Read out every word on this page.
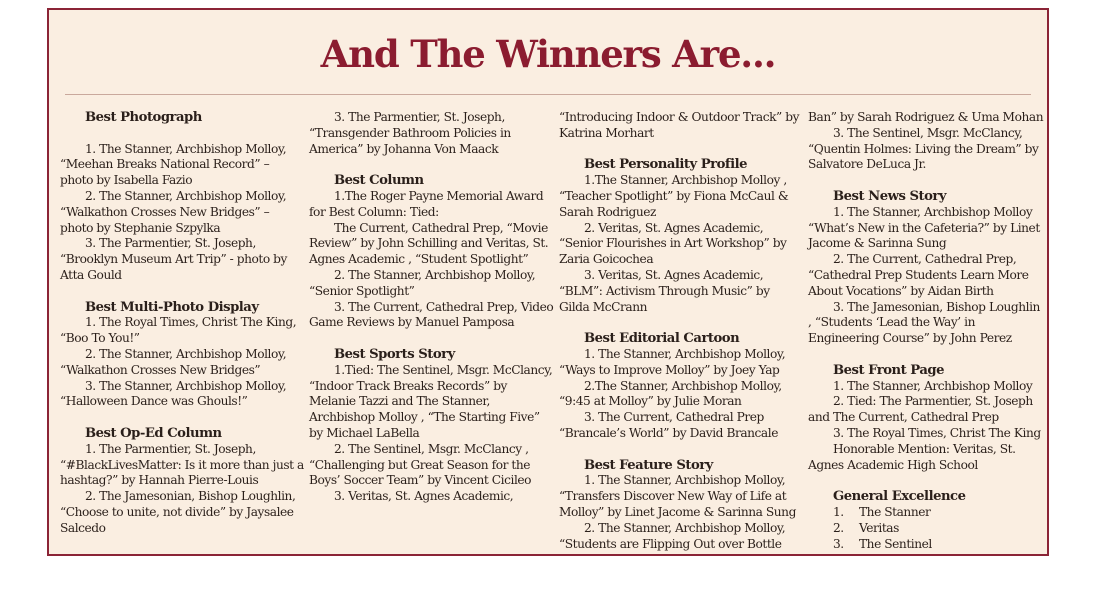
And The Winners Are...

Best Photograph

1. The Stanner, Archbishop Molloy, “Meehan Breaks National Record” – photo by Isabella Fazio

2. The Stanner, Archbishop Molloy, “Walkathon Crosses New Bridges” – photo by Stephanie Szpylka

3. The Parmentier, St. Joseph, “Brooklyn Museum Art Trip” - photo by Atta Gould

Best Multi-Photo Display

1. The Royal Times, Christ The King, “Boo To You!”

2. The Stanner, Archbishop Molloy, “Walkathon Crosses New Bridges”

3. The Stanner, Archbishop Molloy, “Halloween Dance was Ghouls!”

Best Op-Ed Column

1. The Parmentier, St. Joseph, “#BlackLivesMatter: Is it more than just a hashtag?” by Hannah Pierre-Louis

2. The Jamesonian, Bishop Loughlin, “Choose to unite, not divide” by Jaysalee Salcedo

3. The Parmentier, St. Joseph, “Transgender Bathroom Policies in America” by Johanna Von Maack

Best Column

1.The Roger Payne Memorial Award for Best Column: Tied:

The Current, Cathedral Prep, “Movie Review” by John Schilling and Veritas, St. Agnes Academic , “Student Spotlight”

2. The Stanner, Archbishop Molloy, “Senior Spotlight”

3. The Current, Cathedral Prep, Video Game Reviews by Manuel Pamposa

Best Sports Story

1.Tied: The Sentinel, Msgr. McClancy, “Indoor Track Breaks Records” by Melanie Tazzi and The Stanner, Archbishop Molloy , “The Starting Five” by Michael LaBella

2. The Sentinel, Msgr. McClancy , “Challenging but Great Season for the Boys’ Soccer Team” by Vincent Cicileo

3. Veritas, St. Agnes Academic,

“Introducing Indoor & Outdoor Track” by Katrina Morhart

Best Personality Profile

1.The Stanner, Archbishop Molloy , “Teacher Spotlight” by Fiona McCaul & Sarah Rodriguez

2. Veritas, St. Agnes Academic, “Senior Flourishes in Art Workshop” by Zaria Goicochea

3. Veritas, St. Agnes Academic, “BLM”: Activism Through Music” by Gilda McCrann

Best Editorial Cartoon

1. The Stanner, Archbishop Molloy, “Ways to Improve Molloy” by Joey Yap

2.The Stanner, Archbishop Molloy, “9:45 at Molloy” by Julie Moran

3. The Current, Cathedral Prep “Brancale’s World” by David Brancale

Best Feature Story

1. The Stanner, Archbishop Molloy, “Transfers Discover New Way of Life at Molloy” by Linet Jacome & Sarinna Sung

2. The Stanner, Archbishop Molloy, “Students are Flipping Out over Bottle

Ban” by Sarah Rodriguez & Uma Mohan

3. The Sentinel, Msgr. McClancy, “Quentin Holmes: Living the Dream” by Salvatore DeLuca Jr.

Best News Story

1. The Stanner, Archbishop Molloy “What’s New in the Cafeteria?” by Linet Jacome & Sarinna Sung

2. The Current, Cathedral Prep, “Cathedral Prep Students Learn More About Vocations” by Aidan Birth

3. The Jamesonian, Bishop Loughlin , “Students ‘Lead the Way’ in Engineering Course” by John Perez

Best Front Page

1. The Stanner, Archbishop Molloy

2. Tied: The Parmentier, St. Joseph and The Current, Cathedral Prep

3. The Royal Times, Christ The King

Honorable Mention: Veritas, St. Agnes Academic High School

General Excellence

1.	The Stanner
2.	Veritas
3.	The Sentinel
